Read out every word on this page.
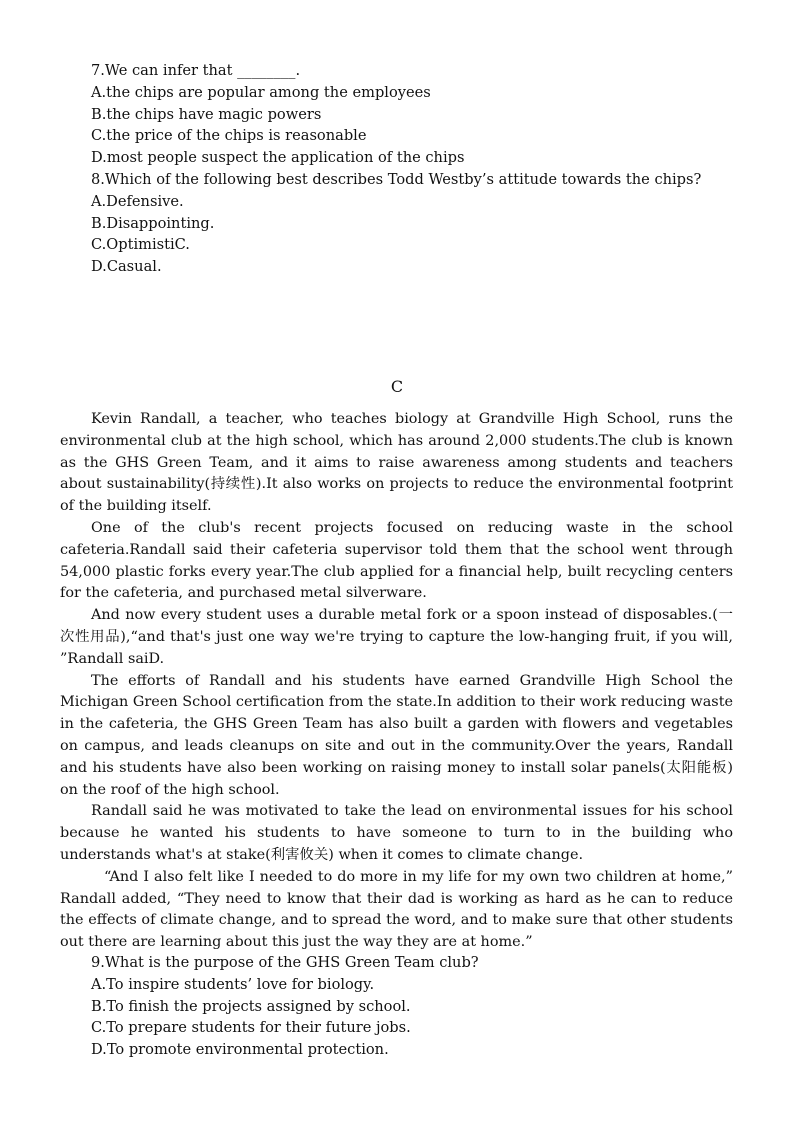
7.We can infer that ________.
A.the chips are popular among the employees
B.the chips have magic powers
C.the price of the chips is reasonable
D.most people suspect the application of the chips
8.Which of the following best describes Todd Westby’s attitude towards the chips?
A.Defensive.
B.Disappointing.
C.OptimistiC.
D.Casual.
C

Kevin Randall, a teacher, who teaches biology at Grandville High School, runs the environmental club at the high school, which has around 2,000 students.The club is known as the GHS Green Team, and it aims to raise awareness among students and teachers about sustainability(持续性).It also works on projects to reduce the environmental footprint of the building itself.

One of the club's recent projects focused on reducing waste in the school cafeteria.Randall said their cafeteria supervisor told them that the school went through 54,000 plastic forks every year.The club applied for a financial help, built recycling centers for the cafeteria, and purchased metal silverware.

And now every student uses a durable metal fork or a spoon instead of disposables.(一次性用品),“and that's just one way we're trying to capture the low-hanging fruit, if you will, ”Randall saiD.

The efforts of Randall and his students have earned Grandville High School the Michigan Green School certification from the state.In addition to their work reducing waste in the cafeteria, the GHS Green Team has also built a garden with flowers and vegetables on campus, and leads cleanups on site and out in the community.Over the years, Randall and his students have also been working on raising money to install solar panels(太阳能板) on the roof of the high school.

Randall said he was motivated to take the lead on environmental issues for his school because he wanted his students to have someone to turn to in the building who understands what's at stake(利害攸关) when it comes to climate change.

“And I also felt like I needed to do more in my life for my own two children at home,” Randall added, “They need to know that their dad is working as hard as he can to reduce the effects of climate change, and to spread the word, and to make sure that other students out there are learning about this just the way they are at home.”

9.What is the purpose of the GHS Green Team club?
A.To inspire students’ love for biology.
B.To finish the projects assigned by school.
C.To prepare students for their future jobs.
D.To promote environmental protection.
